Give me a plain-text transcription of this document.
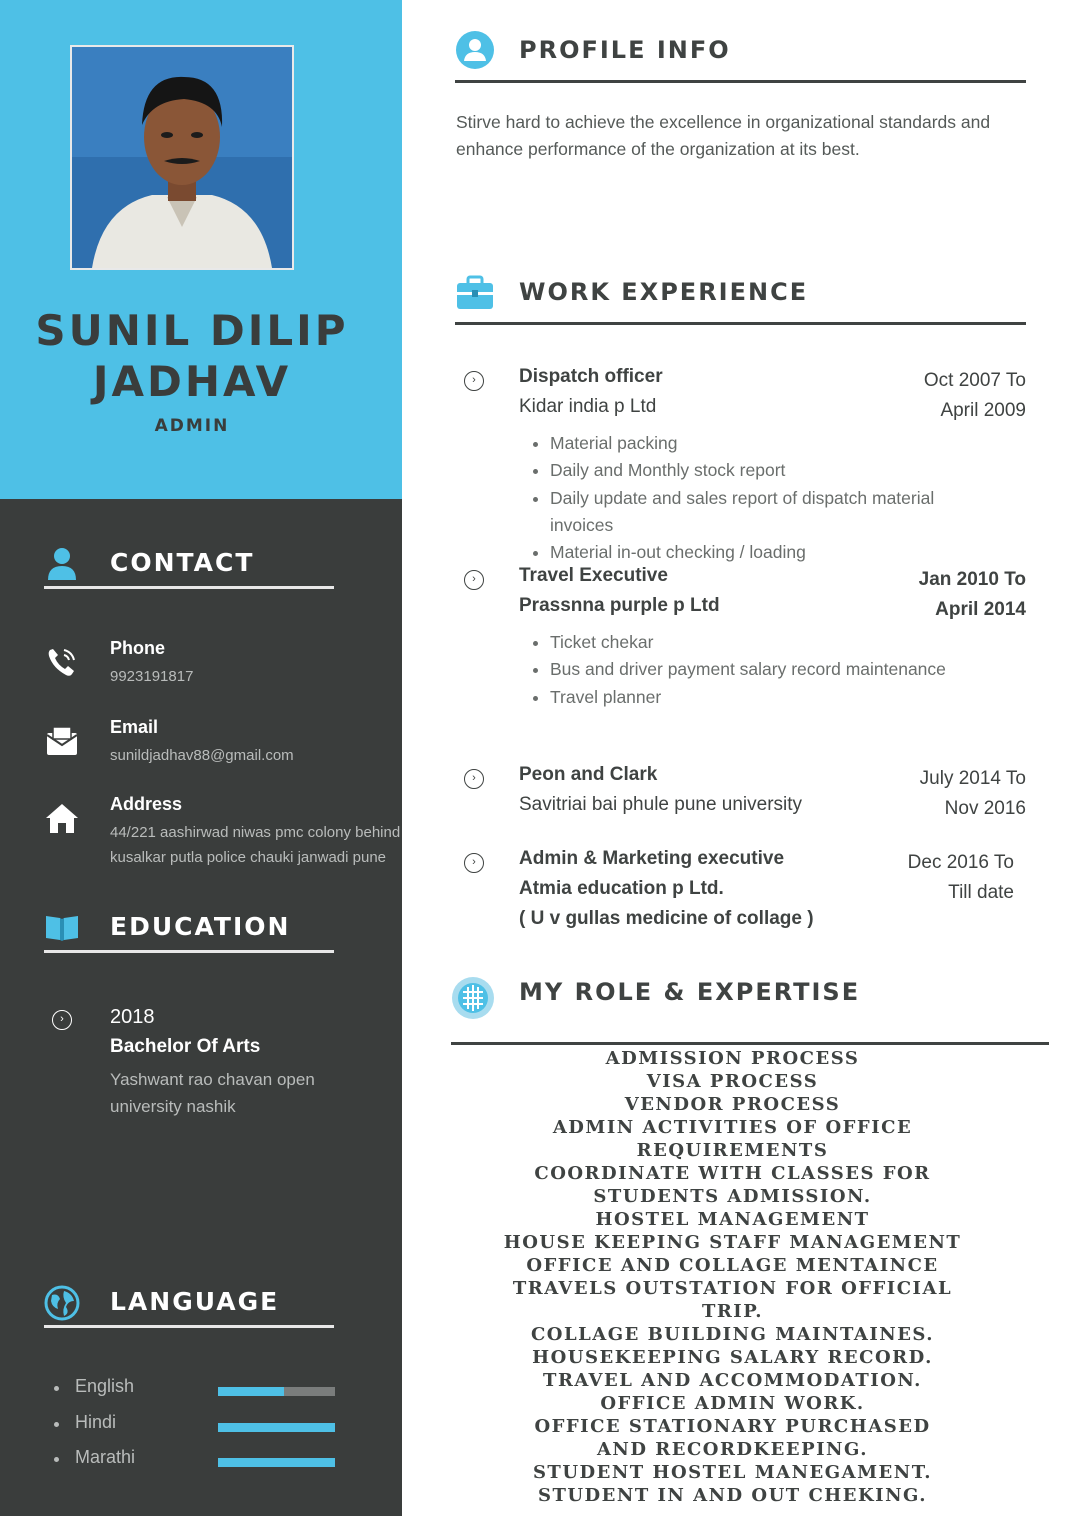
SUNIL DILIP
JADHAV
ADMIN
CONTACT
Phone
9923191817
Email
sunildjadhav88@gmail.com
Address
44/221 aashirwad niwas pmc colony behind kusalkar putla police chauki janwadi pune
EDUCATION
›	2018
Bachelor Of Arts
Yashwant rao chavan open university nashik
LANGUAGE
English
Hindi
Marathi
PROFILE INFO
Stirve hard to achieve the excellence in organizational standards and enhance performance of the organization at its best.
WORK EXPERIENCE
›	Dispatch officer
Kidar india p Ltd
Oct 2007 To
April 2009
• Material packing
• Daily and Monthly stock report
• Daily update and sales report of dispatch material invoices
• Material in-out checking / loading
›	Travel Executive
Prassnna purple p Ltd
Jan 2010 To
April 2014
• Ticket chekar
• Bus and driver payment salary record maintenance
• Travel planner
›	Peon and Clark
Savitriai bai phule pune university
July 2014 To
Nov 2016
›	Admin & Marketing executive
Atmia education p Ltd.
( U v gullas medicine of collage )
Dec 2016 To
Till date
MY ROLE & EXPERTISE
ADMISSION PROCESS
VISA PROCESS
VENDOR PROCESS
ADMIN ACTIVITIES OF OFFICE
REQUIREMENTS
COORDINATE WITH CLASSES FOR
STUDENTS ADMISSION.
HOSTEL MANAGEMENT
HOUSE KEEPING STAFF MANAGEMENT
OFFICE AND COLLAGE MENTAINCE
TRAVELS OUTSTATION FOR OFFICIAL
TRIP.
COLLAGE BUILDING MAINTAINES.
HOUSEKEEPING SALARY RECORD.
TRAVEL AND ACCOMMODATION.
OFFICE ADMIN WORK.
OFFICE STATIONARY PURCHASED
AND RECORDKEEPING.
STUDENT HOSTEL MANEGAMENT.
STUDENT IN AND OUT CHEKING.
